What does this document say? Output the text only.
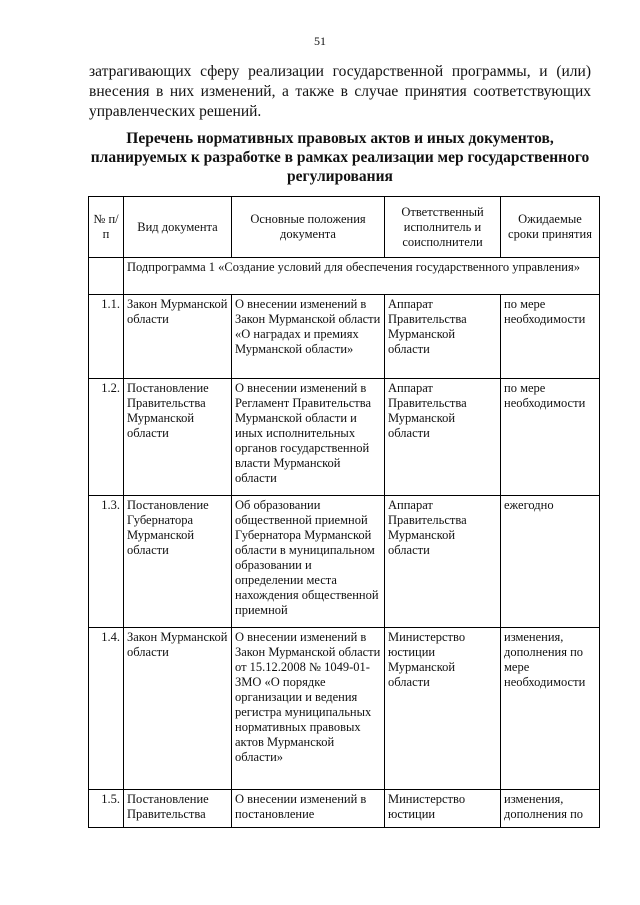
51
затрагивающих сферу реализации государственной программы, и (или) внесения в них изменений, а также в случае принятия соответствующих управленческих решений.
Перечень нормативных правовых актов и иных документов, планируемых к разработке в рамках реализации мер государственного регулирования
№ п/п	Вид документа	Основные положения документа	Ответственный исполнитель и соисполнители	Ожидаемые сроки принятия
	Подпрограмма 1 «Создание условий для обеспечения государственного управления»			
1.1.	Закон Мурманской области	О внесении изменений в Закон Мурманской области «О наградах и премиях Мурманской области»	Аппарат Правительства Мурманской области	по мере необходимости
1.2.	Постановление Правительства Мурманской области	О внесении изменений в Регламент Правительства Мурманской области и иных исполнительных органов государственной власти Мурманской области	Аппарат Правительства Мурманской области	по мере необходимости
1.3.	Постановление Губернатора Мурманской области	Об образовании общественной приемной Губернатора Мурманской области в муниципальном образовании и определении места нахождения общественной приемной	Аппарат Правительства Мурманской области	ежегодно
1.4.	Закон Мурманской области	О внесении изменений в Закон Мурманской области от 15.12.2008 № 1049-01-ЗМО «О порядке организации и ведения регистра муниципальных нормативных правовых актов Мурманской области»	Министерство юстиции Мурманской области	изменения, дополнения по мере необходимости
1.5.	Постановление Правительства	О внесении изменений в постановление	Министерство юстиции	изменения, дополнения по
